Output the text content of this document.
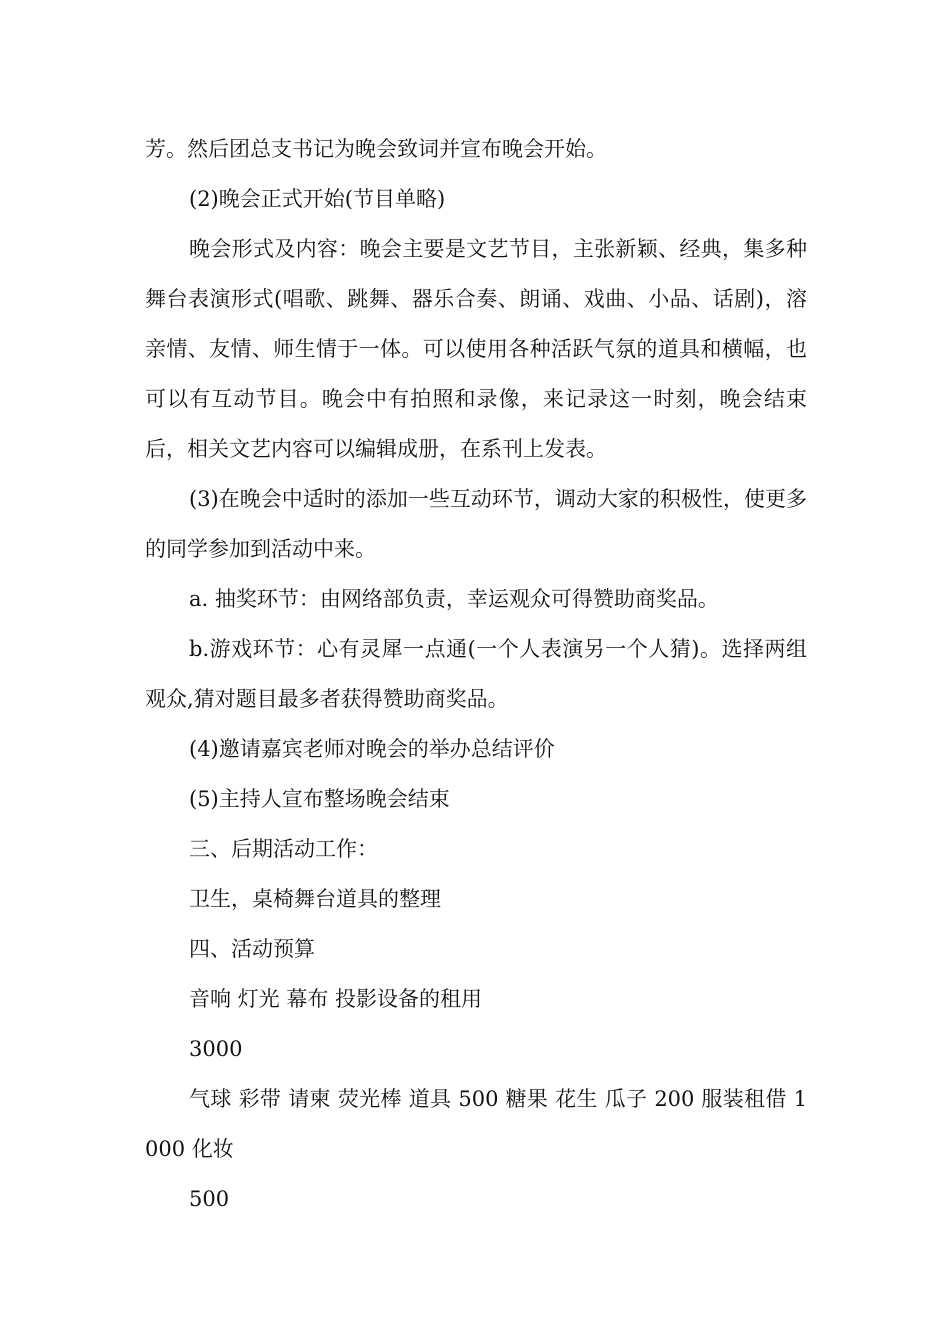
芳。然后团总支书记为晚会致词并宣布晚会开始。

(2)晚会正式开始(节目单略)

晚会形式及内容：晚会主要是文艺节目，主张新颖、经典，集多种舞台表演形式(唱歌、跳舞、器乐合奏、朗诵、戏曲、小品、话剧)，溶亲情、友情、师生情于一体。可以使用各种活跃气氛的道具和横幅，也可以有互动节目。晚会中有拍照和录像，来记录这一时刻，晚会结束后，相关文艺内容可以编辑成册，在系刊上发表。

(3)在晚会中适时的添加一些互动环节，调动大家的积极性，使更多的同学参加到活动中来。

a. 抽奖环节：由网络部负责，幸运观众可得赞助商奖品。

b.游戏环节：心有灵犀一点通(一个人表演另一个人猜)。选择两组观众,猜对题目最多者获得赞助商奖品。

(4)邀请嘉宾老师对晚会的举办总结评价

(5)主持人宣布整场晚会结束

三、后期活动工作：

卫生，桌椅舞台道具的整理

四、活动预算

音响 灯光 幕布 投影设备的租用

3000

气球 彩带 请柬 荧光棒 道具 500 糖果 花生 瓜子 200 服装租借 1000 化妆

500
